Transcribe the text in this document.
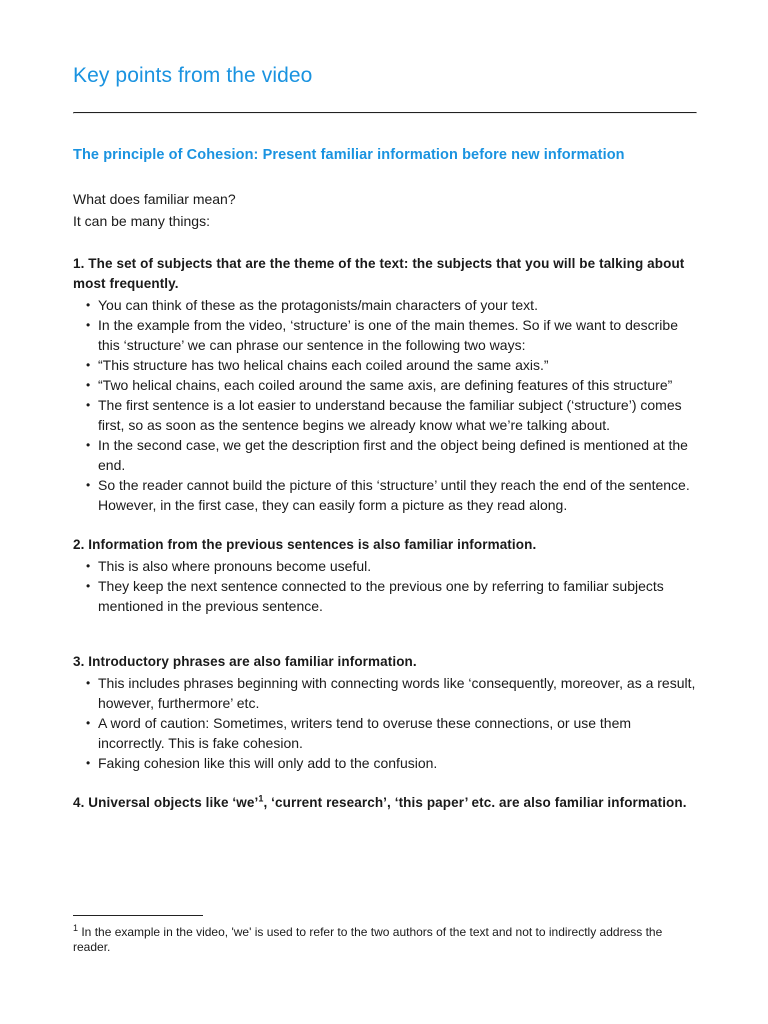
Key points from the video
The principle of Cohesion: Present familiar information before new information

What does familiar mean?

It can be many things:

1. The set of subjects that are the theme of the text: the subjects that you will be talking about most frequently.

• You can think of these as the protagonists/main characters of your text.
• In the example from the video, ‘structure’ is one of the main themes. So if we want to describe this ‘structure’ we can phrase our sentence in the following two ways:
• “This structure has two helical chains each coiled around the same axis.”
• “Two helical chains, each coiled around the same axis, are defining features of this structure”
• The first sentence is a lot easier to understand because the familiar subject (‘structure’) comes first, so as soon as the sentence begins we already know what we’re talking about.
• In the second case, we get the description first and the object being defined is mentioned at the end.
• So the reader cannot build the picture of this ‘structure’ until they reach the end of the sentence. However, in the first case, they can easily form a picture as they read along.

2. Information from the previous sentences is also familiar information.

• This is also where pronouns become useful.
• They keep the next sentence connected to the previous one by referring to familiar subjects mentioned in the previous sentence.

3. Introductory phrases are also familiar information.

• This includes phrases beginning with connecting words like ‘consequently, moreover, as a result, however, furthermore’ etc.
• A word of caution: Sometimes, writers tend to overuse these connections, or use them incorrectly. This is fake cohesion.
• Faking cohesion like this will only add to the confusion.

4. Universal objects like ‘we’$^1$, ‘current research’, ‘this paper’ etc. are also familiar information.

$^1$ In the example in the video, 'we' is used to refer to the two authors of the text and not to indirectly address the reader.
